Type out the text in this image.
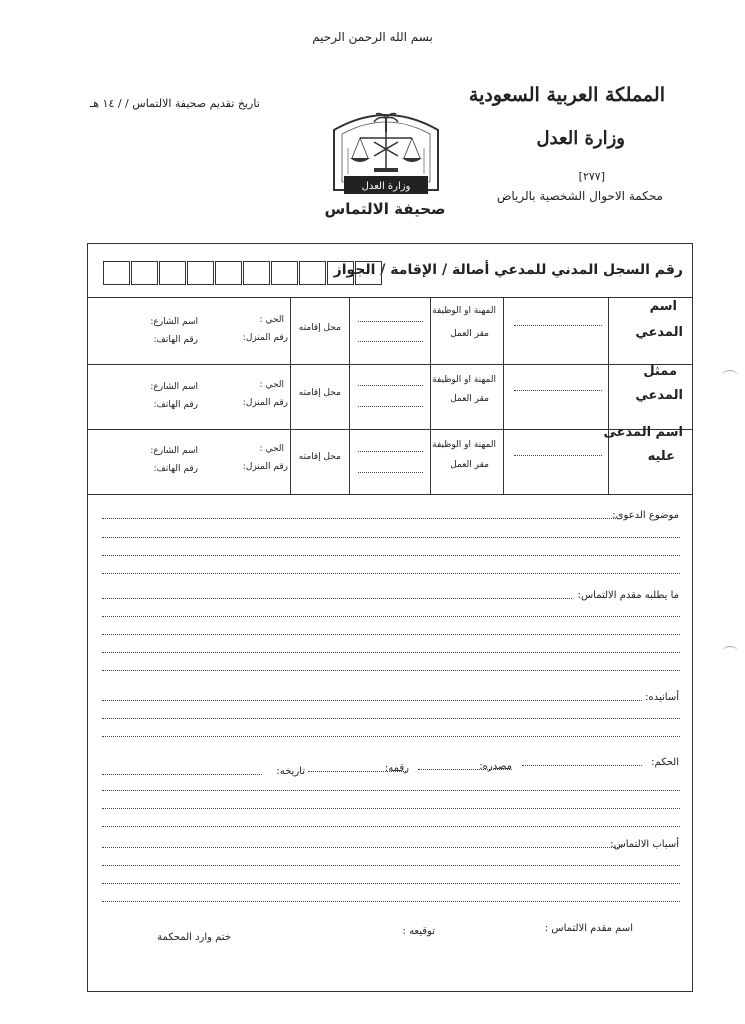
بسم الله الرحمن الرحيم
المملكة العربية السعودية
وزارة العدل
[٢٧٧]
محكمة الاحوال الشخصية بالرياض
تاريخ تقديم صحيفة الالتماس / / ١٤ هـ
وزارة العدل
صحيفة الالتماس
رقم السجل المدني للمدعي أصالة / الإقامة / الجواز
اسم
المدعي
المهنة او الوظيفة
مقر العمل
محل إقامته
الحي :
رقم المنزل:
اسم الشارع:
رقم الهاتف:
ممثل
المدعي
المهنة او الوظيفة
مقر العمل
محل إقامته
الحي :
رقم المنزل:
اسم الشارع:
رقم الهاتف:
اسم المدعى
عليه
المهنة او الوظيفة
مقر العمل
محل إقامته
الحي :
رقم المنزل:
اسم الشارع:
رقم الهاتف:
موضوع الدعوى:
ما يطلبه مقدم الالتماس:
أسانيده:
الحكم:
مصدره:
رقمه:
تاريخه:
أسباب الالتماس:
اسم مقدم الالتماس :
توقيعه :
ختم وارد المحكمة
